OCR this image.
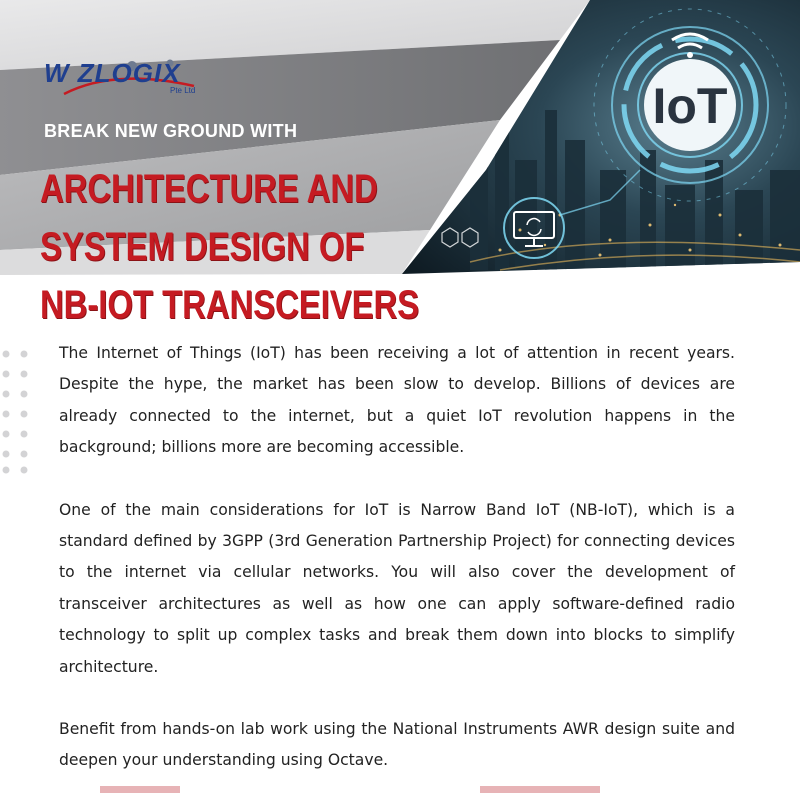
IoT
W ZLOGIX
Pte Ltd
BREAK NEW GROUND WITH
ARCHITECTURE AND
SYSTEM DESIGN OF
NB-IOT TRANSCEIVERS

The Internet of Things (IoT) has been receiving a lot of attention in recent years. Despite the hype, the market has been slow to develop. Billions of devices are already connected to the internet, but a quiet IoT revolution happens in the background; billions more are becoming accessible.

One of the main considerations for IoT is Narrow Band IoT (NB-IoT), which is a standard defined by 3GPP (3rd Generation Partnership Project) for connecting devices to the internet via cellular networks. You will also cover the development of transceiver architectures as well as how one can apply software-defined radio technology to split up complex tasks and break them down into blocks to simplify architecture.

Benefit from hands-on lab work using the National Instruments AWR design suite and deepen your understanding using Octave.
